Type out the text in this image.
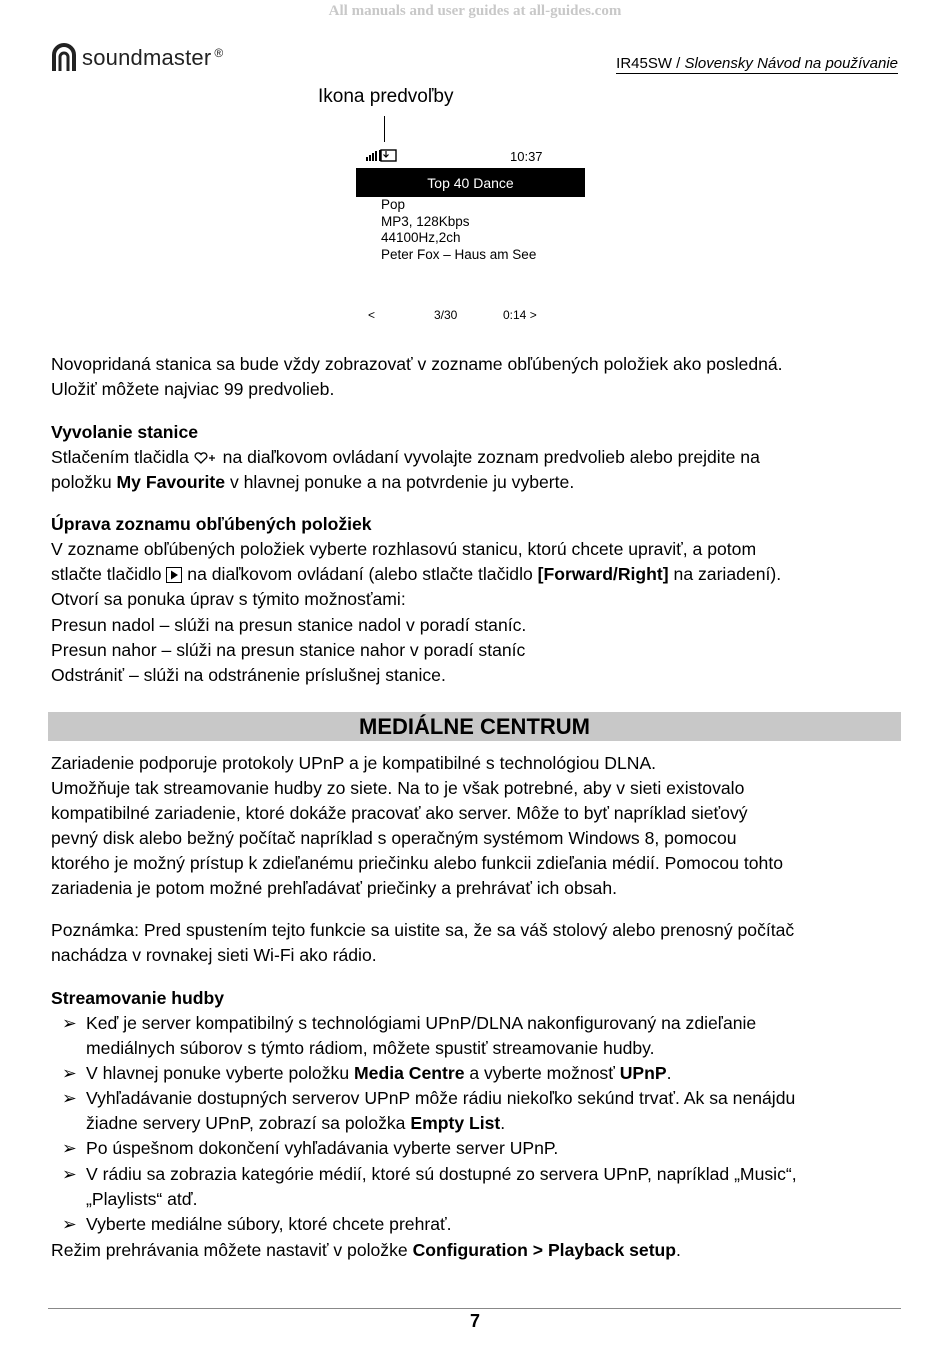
All manuals and user guides at all-guides.com
soundmaster ®
IR45SW / Slovensky Návod na používanie
Ikona predvoľby
10:37
Top 40 Dance
Pop
MP3, 128Kbps
44100Hz,2ch
Peter Fox – Haus am See
<	3/30	0:14 >
Novopridaná stanica sa bude vždy zobrazovať v zozname obľúbených položiek ako posledná.
Uložiť môžete najviac 99 predvolieb.
Vyvolanie stanice
Stlačením tlačidla na diaľkovom ovládaní vyvolajte zoznam predvolieb alebo prejdite na
položku My Favourite v hlavnej ponuke a na potvrdenie ju vyberte.
Úprava zoznamu obľúbených položiek
V zozname obľúbených položiek vyberte rozhlasovú stanicu, ktorú chcete upraviť, a potom
stlačte tlačidlo  na diaľkovom ovládaní (alebo stlačte tlačidlo [Forward/Right] na zariadení).
Otvorí sa ponuka úprav s týmito možnosťami:
Presun nadol – slúži na presun stanice nadol v poradí staníc.
Presun nahor – slúži na presun stanice nahor v poradí staníc
Odstrániť – slúži na odstránenie príslušnej stanice.
MEDIÁLNE CENTRUM
Zariadenie podporuje protokoly UPnP a je kompatibilné s technológiou DLNA.
Umožňuje tak streamovanie hudby zo siete. Na to je však potrebné, aby v sieti existovalo
kompatibilné zariadenie, ktoré dokáže pracovať ako server. Môže to byť napríklad sieťový
pevný disk alebo bežný počítač napríklad s operačným systémom Windows 8, pomocou
ktorého je možný prístup k zdieľanému priečinku alebo funkcii zdieľania médií. Pomocou tohto
zariadenia je potom možné prehľadávať priečinky a prehrávať ich obsah.
Poznámka: Pred spustením tejto funkcie sa uistite sa, že sa váš stolový alebo prenosný počítač
nachádza v rovnakej sieti Wi-Fi ako rádio.
Streamovanie hudby
➢ Keď je server kompatibilný s technológiami UPnP/DLNA nakonfigurovaný na zdieľanie
mediálnych súborov s týmto rádiom, môžete spustiť streamovanie hudby.
➢ V hlavnej ponuke vyberte položku Media Centre a vyberte možnosť UPnP.
➢ Vyhľadávanie dostupných serverov UPnP môže rádiu niekoľko sekúnd trvať. Ak sa nenájdu
žiadne servery UPnP, zobrazí sa položka Empty List.
➢ Po úspešnom dokončení vyhľadávania vyberte server UPnP.
➢ V rádiu sa zobrazia kategórie médií, ktoré sú dostupné zo servera UPnP, napríklad „Music“,
„Playlists“ atď.
➢ Vyberte mediálne súbory, ktoré chcete prehrať.
Režim prehrávania môžete nastaviť v položke Configuration > Playback setup.
7
